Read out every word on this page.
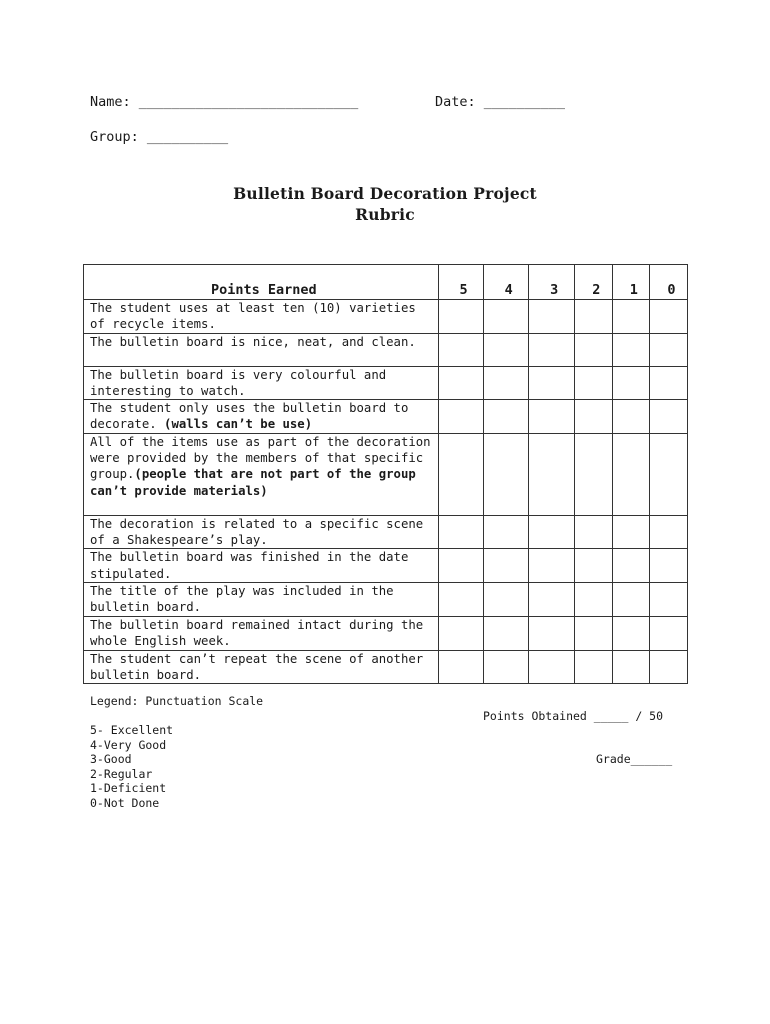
Name: ___________________________	Date: __________
Group: __________
Bulletin Board Decoration Project
Rubric
Points Earned	5	4	3	2	1	0
The student uses at least ten (10) varieties of recycle items.						
The bulletin board is nice, neat, and clean.						
The bulletin board is very colourful and interesting to watch.						
The student only uses the bulletin board to decorate. (walls can’t be use)						
All of the items use as part of the decoration were provided by the members of that specific group.(people that are not part of the group can’t provide materials)						
The decoration is related to a specific scene of a Shakespeare’s play.						
The bulletin board was finished in the date stipulated.						
The title of the play was included in the bulletin board.						
The bulletin board remained intact during the whole English week.						
The student can’t repeat the scene of another bulletin board.						
Legend: Punctuation Scale
Points Obtained _____ / 50
5- Excellent
4-Very Good
3-Good	Grade______
2-Regular
1-Deficient
0-Not Done
